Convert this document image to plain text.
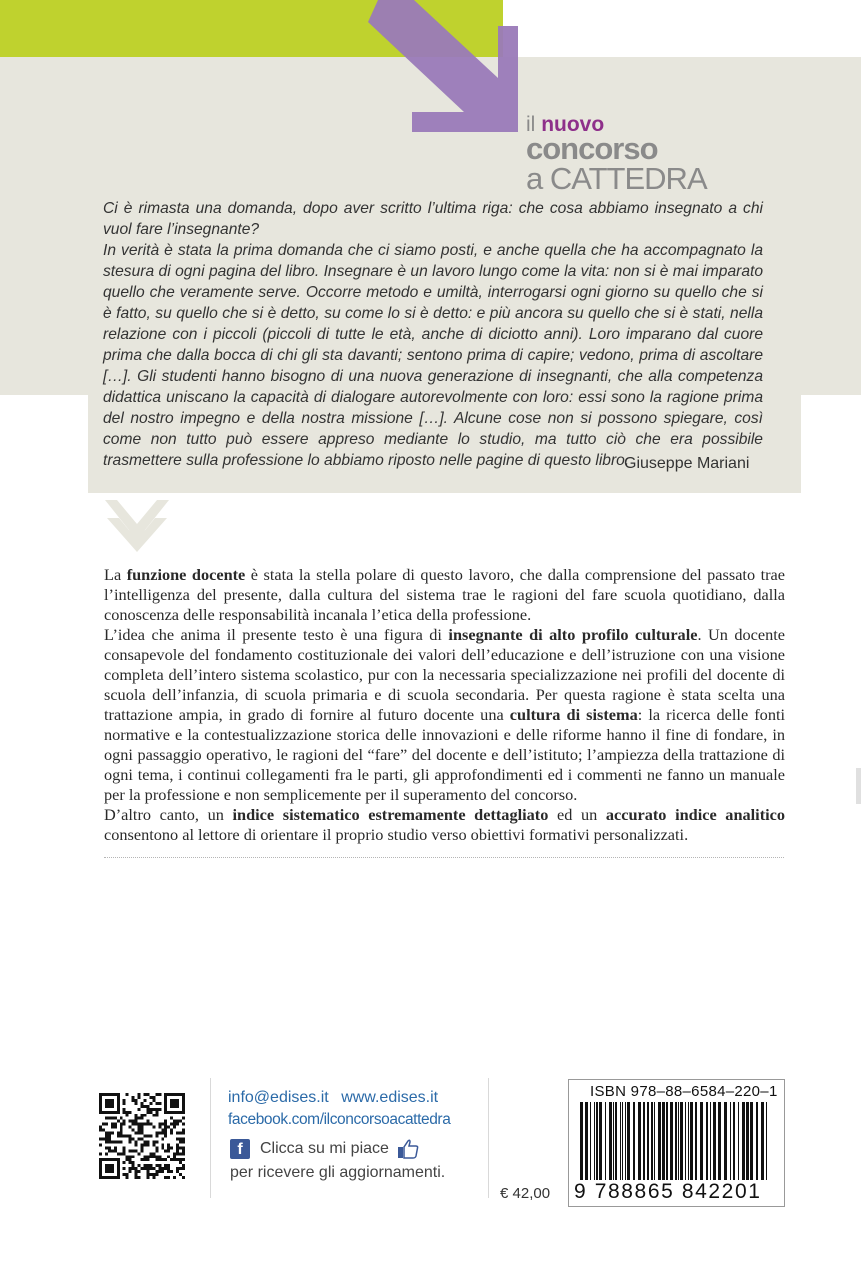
il nuovo
concorso
a CATTEDRA

Ci è rimasta una domanda, dopo aver scritto l’ultima riga: che cosa abbiamo insegnato a chi vuol fare l’insegnante?

In verità è stata la prima domanda che ci siamo posti, e anche quella che ha accompagnato la stesura di ogni pagina del libro. Insegnare è un lavoro lungo come la vita: non si è mai imparato quello che veramente serve. Occorre metodo e umiltà, interrogarsi ogni giorno su quello che si è fatto, su quello che si è detto, su come lo si è detto: e più ancora su quello che si è stati, nella relazione con i piccoli (piccoli di tutte le età, anche di diciotto anni). Loro imparano dal cuore prima che dalla bocca di chi gli sta davanti; sentono prima di capire; vedono, prima di ascoltare […]. Gli studenti hanno bisogno di una nuova generazione di insegnanti, che alla competenza didattica uniscano la capacità di dialogare autorevolmente con loro: essi sono la ragione prima del nostro impegno e della nostra missione […]. Alcune cose non si possono spiegare, così come non tutto può essere appreso mediante lo studio, ma tutto ciò che era possibile trasmettere sulla professione lo abbiamo riposto nelle pagine di questo libro.

Giuseppe Mariani

La funzione docente è stata la stella polare di questo lavoro, che dalla comprensione del passato trae l’intelligenza del presente, dalla cultura del sistema trae le ragioni del fare scuola quotidiano, dalla conoscenza delle responsabilità incanala l’etica della professione.

L’idea che anima il presente testo è una figura di insegnante di alto profilo culturale. Un docente consapevole del fondamento costituzionale dei valori dell’educazione e dell’istruzione con una visione completa dell’intero sistema scolastico, pur con la necessaria specializzazione nei profili del docente di scuola dell’infanzia, di scuola primaria e di scuola secondaria. Per questa ragione è stata scelta una trattazione ampia, in grado di fornire al futuro docente una cultura di sistema: la ricerca delle fonti normative e la contestualizzazione storica delle innovazioni e delle riforme hanno il fine di fondare, in ogni passaggio operativo, le ragioni del “fare” del docente e dell’istituto; l’ampiezza della trattazione di ogni tema, i continui collegamenti fra le parti, gli approfondimenti ed i commenti ne fanno un manuale per la professione e non semplicemente per il superamento del concorso.

D’altro canto, un indice sistematico estremamente dettagliato ed un accurato indice analitico consentono al lettore di orientare il proprio studio verso obiettivi formativi personalizzati.

info@edises.it www.edises.it
facebook.com/ilconcorsoacattedra
f	Clicca su mi piace
per ricevere gli aggiornamenti.
€ 42,00
ISBN 978–88–6584–220–1
9 788865 842201
